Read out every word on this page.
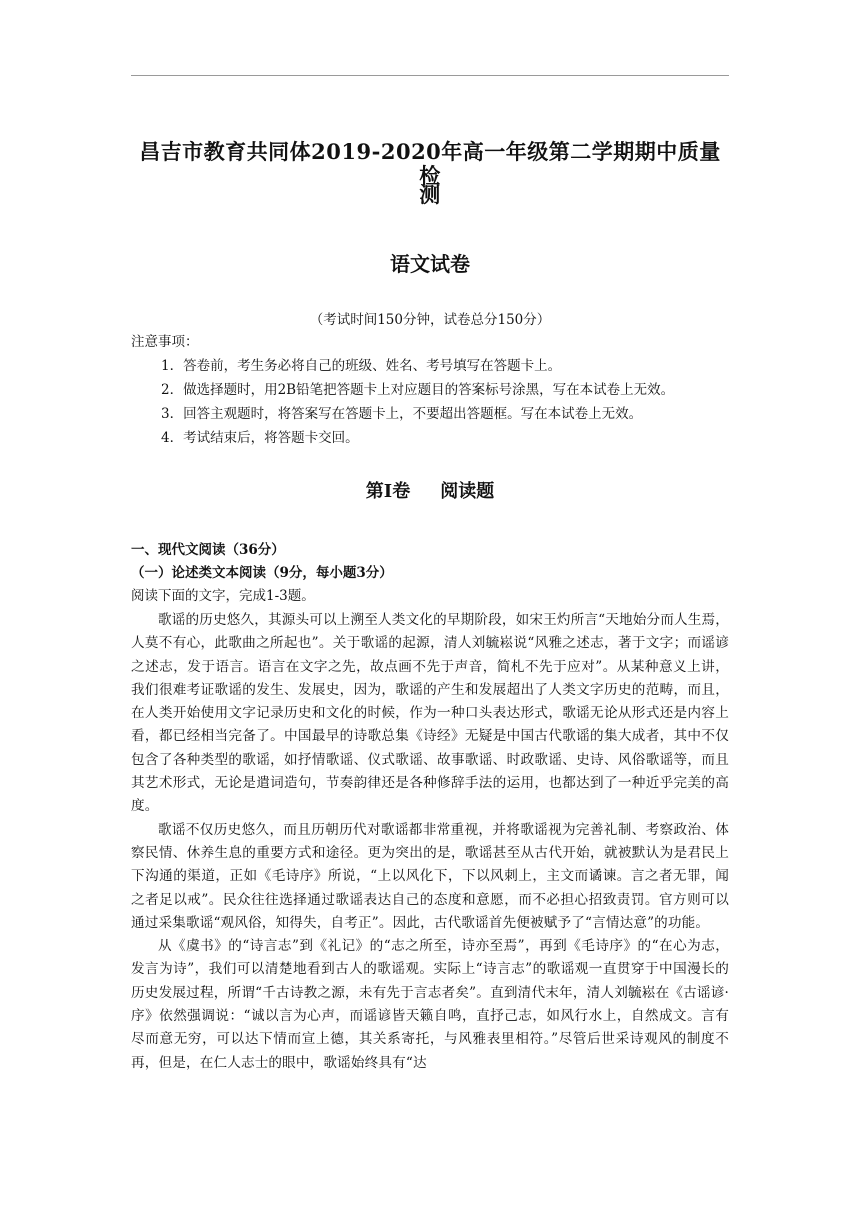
昌吉市教育共同体2019-2020年高一年级第二学期期中质量检
测
语文试卷
（考试时间150分钟，试卷总分150分）
注意事项：
1．答卷前，考生务必将自己的班级、姓名、考号填写在答题卡上。
2．做选择题时，用2B铅笔把答题卡上对应题目的答案标号涂黑，写在本试卷上无效。
3．回答主观题时，将答案写在答题卡上，不要超出答题框。写在本试卷上无效。
4．考试结束后，将答题卡交回。
第Ⅰ卷 阅读题
一、现代文阅读（36分）
（一）论述类文本阅读（9分，每小题3分）
阅读下面的文字，完成1-3题。

歌谣的历史悠久，其源头可以上溯至人类文化的早期阶段，如宋王灼所言“天地始分而人生焉，人莫不有心，此歌曲之所起也”。关于歌谣的起源，清人刘毓崧说“风雅之述志，著于文字；而谣谚之述志，发于语言。语言在文字之先，故点画不先于声音，简札不先于应对”。从某种意义上讲，我们很难考证歌谣的发生、发展史，因为，歌谣的产生和发展超出了人类文字历史的范畴，而且，在人类开始使用文字记录历史和文化的时候，作为一种口头表达形式，歌谣无论从形式还是内容上看，都已经相当完备了。中国最早的诗歌总集《诗经》无疑是中国古代歌谣的集大成者，其中不仅包含了各种类型的歌谣，如抒情歌谣、仪式歌谣、故事歌谣、时政歌谣、史诗、风俗歌谣等，而且其艺术形式，无论是遣词造句，节奏韵律还是各种修辞手法的运用，也都达到了一种近乎完美的高度。

歌谣不仅历史悠久，而且历朝历代对歌谣都非常重视，并将歌谣视为完善礼制、考察政治、体察民情、休养生息的重要方式和途径。更为突出的是，歌谣甚至从古代开始，就被默认为是君民上下沟通的渠道，正如《毛诗序》所说，“上以风化下，下以风刺上，主文而谲谏。言之者无罪，闻之者足以戒”。民众往往选择通过歌谣表达自己的态度和意愿，而不必担心招致责罚。官方则可以通过采集歌谣“观风俗，知得失，自考正”。因此，古代歌谣首先便被赋予了“言情达意”的功能。

从《虞书》的“诗言志”到《礼记》的“志之所至，诗亦至焉”，再到《毛诗序》的“在心为志，发言为诗”，我们可以清楚地看到古人的歌谣观。实际上“诗言志”的歌谣观一直贯穿于中国漫长的历史发展过程，所谓“千古诗教之源，未有先于言志者矣”。直到清代末年，清人刘毓崧在《古谣谚·序》依然强调说：“诚以言为心声，而谣谚皆天籁自鸣，直抒己志，如风行水上，自然成文。言有尽而意无穷，可以达下情而宣上德，其关系寄托，与风雅表里相符。”尽管后世采诗观风的制度不再，但是，在仁人志士的眼中，歌谣始终具有“达
